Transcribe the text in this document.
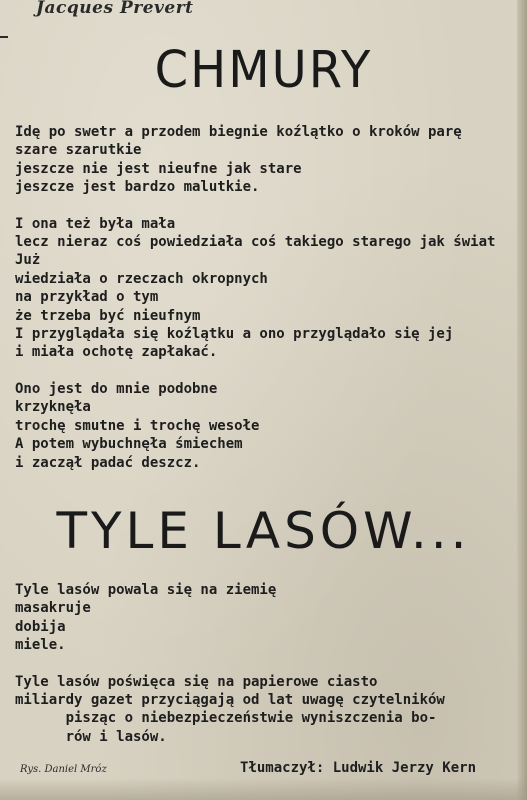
Jacques Prevert
CHMURY
Idę po swetr a przodem biegnie koźlątko o kroków parę
szare szarutkie
jeszcze nie jest nieufne jak stare
jeszcze jest bardzo malutkie.
I ona też była mała
lecz nieraz coś powiedziała coś takiego starego jak świat
Już
wiedziała o rzeczach okropnych
na przykład o tym
że trzeba być nieufnym
I przyglądała się koźlątku a ono przyglądało się jej
i miała ochotę zapłakać.
Ono jest do mnie podobne
krzyknęła
trochę smutne i trochę wesołe
A potem wybuchnęła śmiechem
i zaczął padać deszcz.
TYLE LASÓW...
Tyle lasów powala się na ziemię
masakruje
dobija
miele.
Tyle lasów poświęca się na papierowe ciasto
miliardy gazet przyciągają od lat uwagę czytelników
pisząc o niebezpieczeństwie wyniszczenia bo-
rów i lasów.
Rys. Daniel Mróz	Tłumaczył: Ludwik Jerzy Kern
